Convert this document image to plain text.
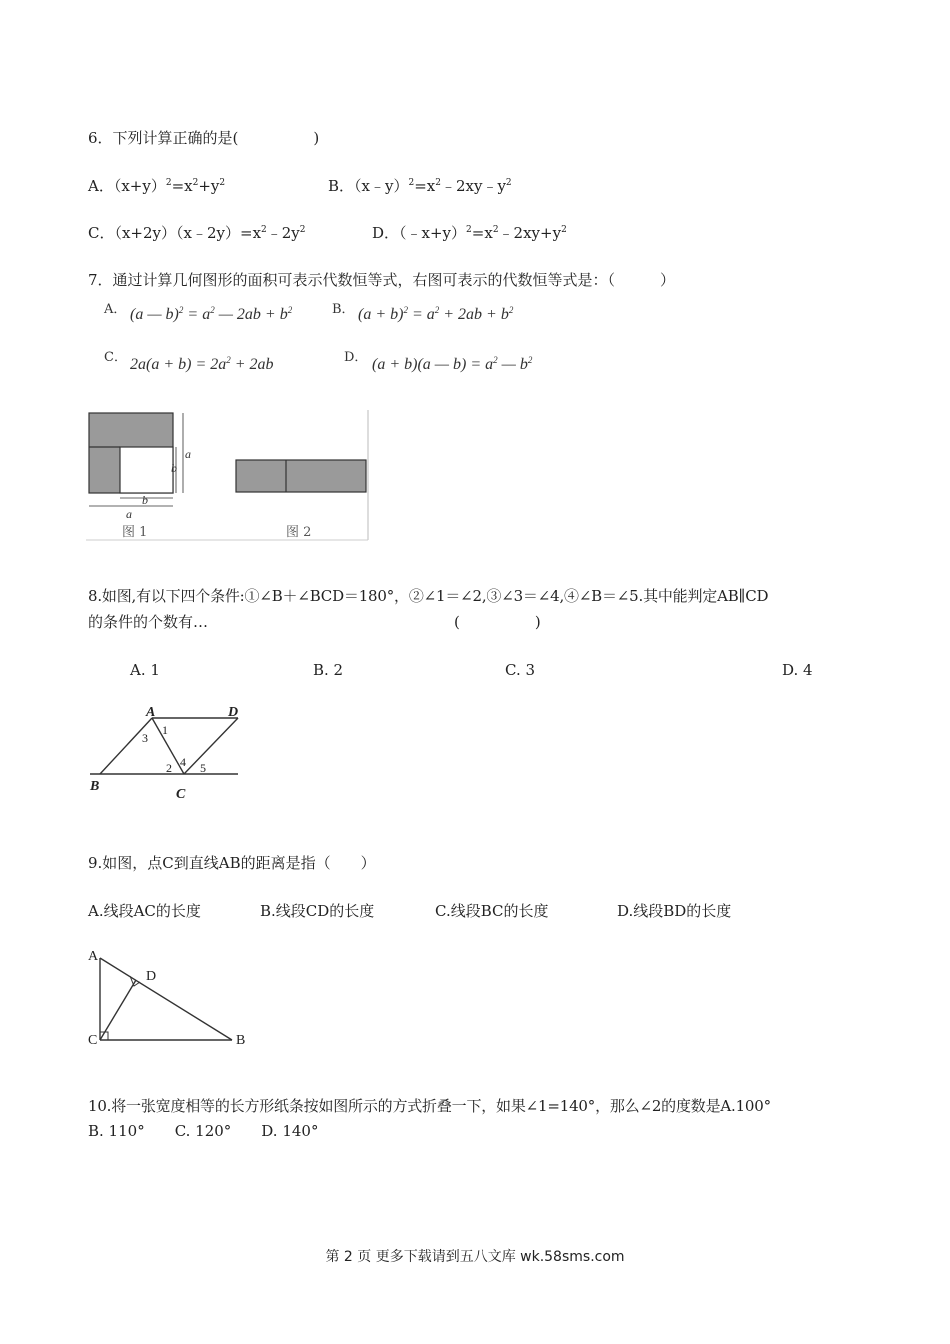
6．下列计算正确的是(　　　　　)
A．$(x+y)^2=x^2+y^2$	B．$(x﹣y)^2=x^2﹣2xy﹣y^2$
C．$(x+2y)(x﹣2y)=x^2﹣2y^2$	D．$(﹣x+y)^2=x^2﹣2xy+y^2$
7．通过计算几何图形的面积可表示代数恒等式，右图可表示的代数恒等式是：（　　　）
A． (a — $b)^2 = a^2$ — $2ab + b^2$	B． $(a + b)^2 = a^2 + 2ab + b^2$
C． $2a(a + b) = 2a^2 + 2ab$	D． (a + b)(a — $b) = a^2$ — $b^2$
b
a
b
a
图 1	图 2
8.如图,有以下四个条件:①∠B＋∠BCD＝180°，②∠1＝∠2,③∠3＝∠4,④∠B＝∠5.其中能判定AB∥CD
的条件的个数有…	(　　　　　)
A. 1	B. 2	C. 3	D. 4
A	D
B
C
1
3
2 4 5
9.如图，点C到直线AB的距离是指（　　）
A.线段AC的长度	B.线段CD的长度	C.线段BC的长度	D.线段BD的长度
A
D
C	B
10.将一张宽度相等的长方形纸条按如图所示的方式折叠一下，如果∠1=140°，那么∠2的度数是A.100°
B. 110°　　C. 120°　　D. 140°
第 2 页 更多下载请到五八文库 wk.58sms.com
